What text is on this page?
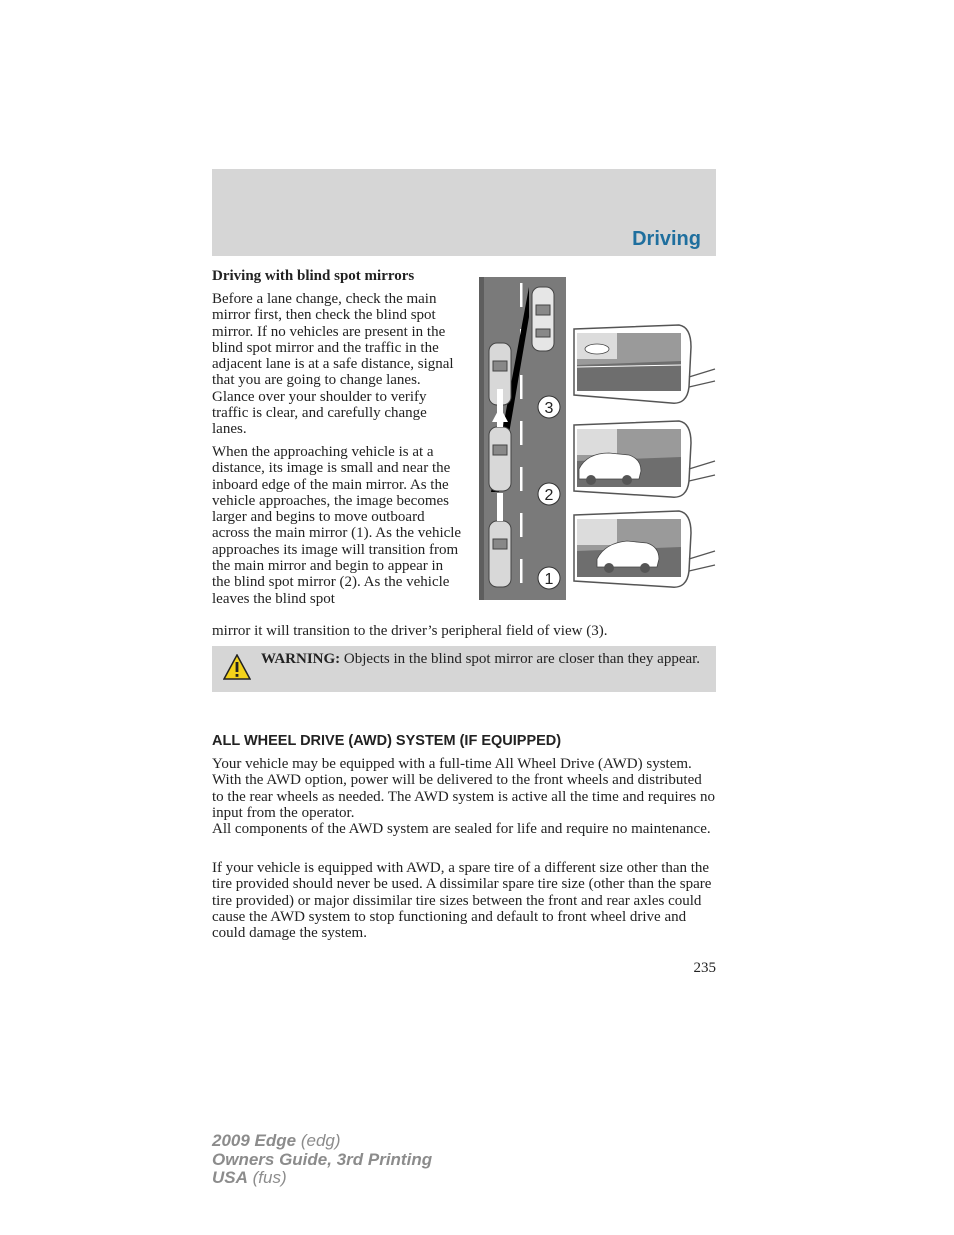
Driving
Driving with blind spot mirrors

Before a lane change, check the main mirror first, then check the blind spot mirror. If no vehicles are present in the blind spot mirror and the traffic in the adjacent lane is at a safe distance, signal that you are going to change lanes. Glance over your shoulder to verify traffic is clear, and carefully change lanes.

When the approaching vehicle is at a distance, its image is small and near the inboard edge of the main mirror. As the vehicle approaches, the image becomes larger and begins to move outboard across the main mirror (1). As the vehicle approaches its image will transition from the main mirror and begin to appear in the blind spot mirror (2). As the vehicle leaves the blind spot

mirror it will transition to the driver’s peripheral field of view (3).

3
2
1
WARNING: Objects in the blind spot mirror are closer than they appear.
ALL WHEEL DRIVE (AWD) SYSTEM (IF EQUIPPED)

Your vehicle may be equipped with a full-time All Wheel Drive (AWD) system. With the AWD option, power will be delivered to the front wheels and distributed to the rear wheels as needed. The AWD system is active all the time and requires no input from the operator.

All components of the AWD system are sealed for life and require no maintenance.

If your vehicle is equipped with AWD, a spare tire of a different size other than the tire provided should never be used. A dissimilar spare tire size (other than the spare tire provided) or major dissimilar tire sizes between the front and rear axles could cause the AWD system to stop functioning and default to front wheel drive and could damage the system.

235
2009 Edge (edg)
Owners Guide, 3rd Printing
USA (fus)
